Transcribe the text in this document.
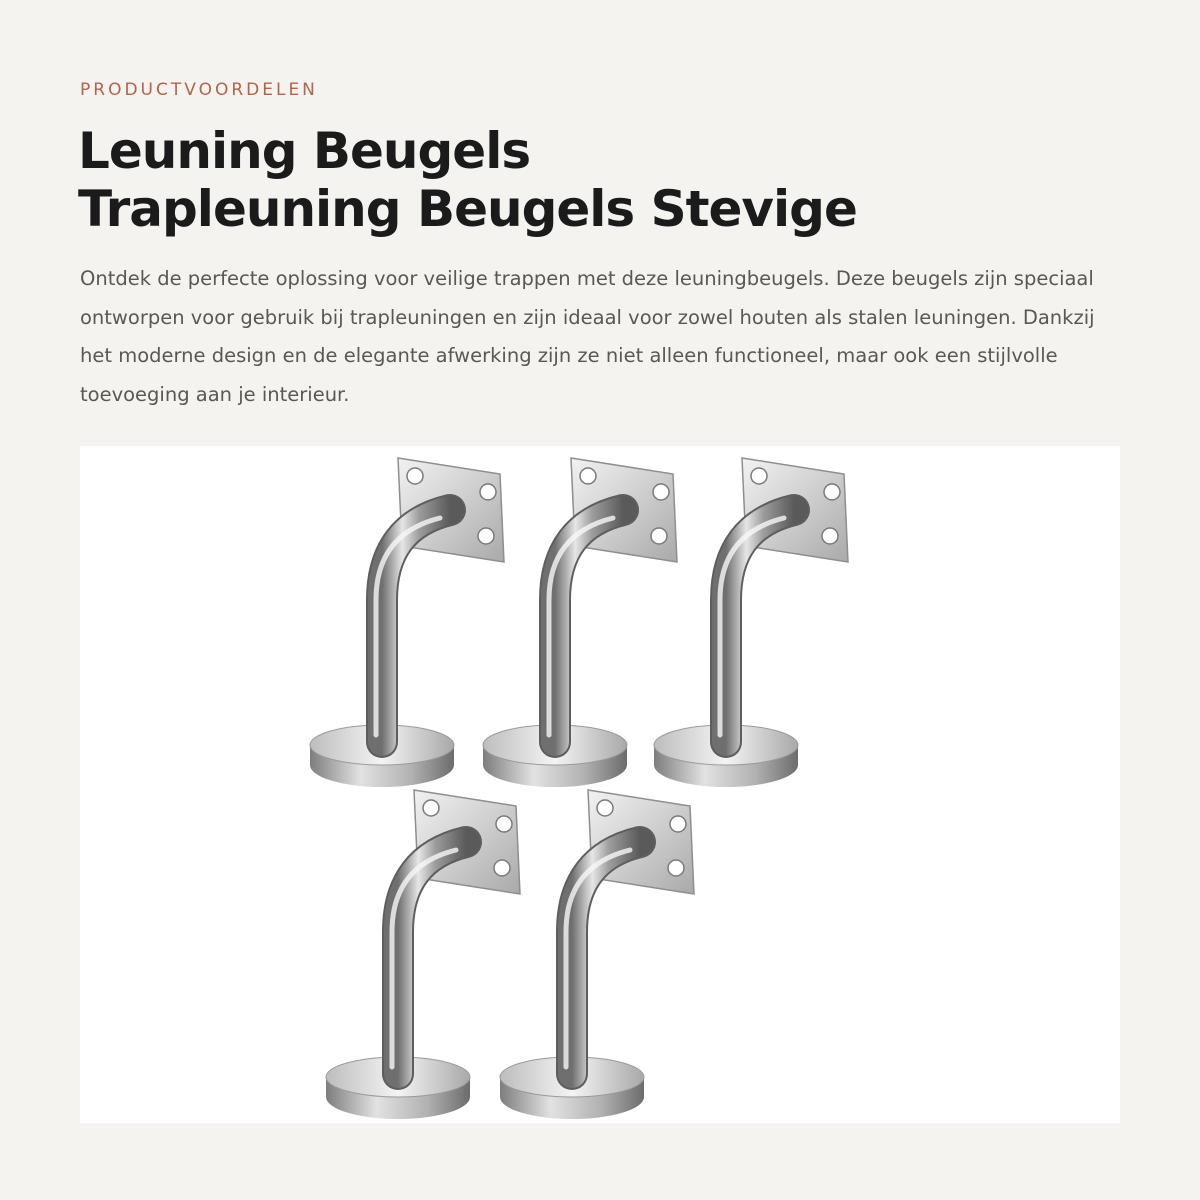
PRODUCTVOORDELEN
Leuning Beugels
Trapleuning Beugels Stevige

Ontdek de perfecte oplossing voor veilige trappen met deze leuningbeugels. Deze beugels zijn speciaal ontworpen voor gebruik bij trapleuningen en zijn ideaal voor zowel houten als stalen leuningen. Dankzij het moderne design en de elegante afwerking zijn ze niet alleen functioneel, maar ook een stijlvolle toevoeging aan je interieur.
